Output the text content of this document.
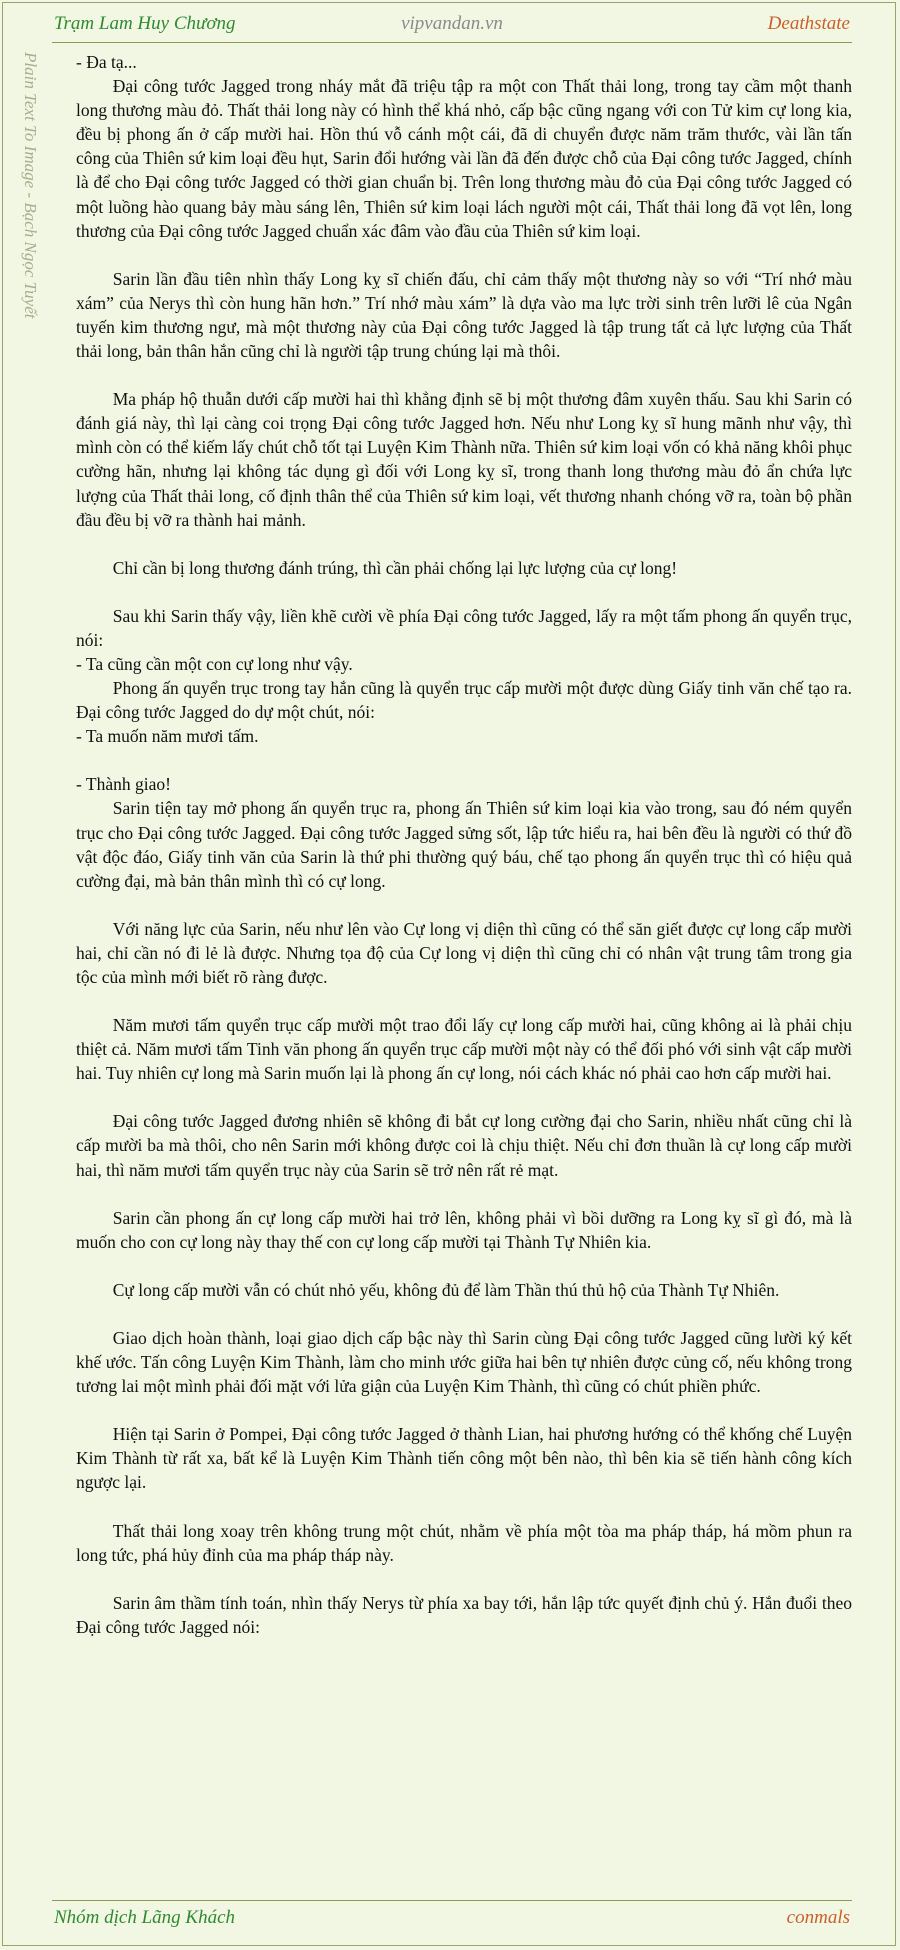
Trạm Lam Huy Chương	vipvandan.vn	Deathstate
Plain Text To Image - Bạch Ngọc Tuyết - Đa tạ...

Đại công tước Jagged trong nháy mắt đã triệu tập ra một con Thất thải long, trong tay cầm một thanh long thương màu đỏ. Thất thải long này có hình thể khá nhỏ, cấp bậc cũng ngang với con Tử kim cự long kia, đều bị phong ấn ở cấp mười hai. Hồn thú vỗ cánh một cái, đã di chuyển được năm trăm thước, vài lần tấn công của Thiên sứ kim loại đều hụt, Sarin đổi hướng vài lần đã đến được chỗ của Đại công tước Jagged, chính là để cho Đại công tước Jagged có thời gian chuẩn bị. Trên long thương màu đỏ của Đại công tước Jagged có một luồng hào quang bảy màu sáng lên, Thiên sứ kim loại lách người một cái, Thất thải long đã vọt lên, long thương của Đại công tước Jagged chuẩn xác đâm vào đầu của Thiên sứ kim loại.

Sarin lần đầu tiên nhìn thấy Long kỵ sĩ chiến đấu, chỉ cảm thấy một thương này so với “Trí nhớ màu xám” của Nerys thì còn hung hãn hơn.” Trí nhớ màu xám” là dựa vào ma lực trời sinh trên lưỡi lê của Ngân tuyến kim thương ngư, mà một thương này của Đại công tước Jagged là tập trung tất cả lực lượng của Thất thải long, bản thân hắn cũng chỉ là người tập trung chúng lại mà thôi.

Ma pháp hộ thuẫn dưới cấp mười hai thì khẳng định sẽ bị một thương đâm xuyên thấu. Sau khi Sarin có đánh giá này, thì lại càng coi trọng Đại công tước Jagged hơn. Nếu như Long kỵ sĩ hung mãnh như vậy, thì mình còn có thể kiếm lấy chút chỗ tốt tại Luyện Kim Thành nữa. Thiên sứ kim loại vốn có khả năng khôi phục cường hãn, nhưng lại không tác dụng gì đối với Long kỵ sĩ, trong thanh long thương màu đỏ ẩn chứa lực lượng của Thất thải long, cố định thân thể của Thiên sứ kim loại, vết thương nhanh chóng vỡ ra, toàn bộ phần đầu đều bị vỡ ra thành hai mảnh.

Chỉ cần bị long thương đánh trúng, thì cần phải chống lại lực lượng của cự long!

Sau khi Sarin thấy vậy, liền khẽ cười về phía Đại công tước Jagged, lấy ra một tấm phong ấn quyển trục, nói:

- Ta cũng cần một con cự long như vậy.

Phong ấn quyển trục trong tay hắn cũng là quyển trục cấp mười một được dùng Giấy tinh văn chế tạo ra. Đại công tước Jagged do dự một chút, nói:

- Ta muốn năm mươi tấm.

- Thành giao!

Sarin tiện tay mở phong ấn quyển trục ra, phong ấn Thiên sứ kim loại kia vào trong, sau đó ném quyển trục cho Đại công tước Jagged. Đại công tước Jagged sửng sốt, lập tức hiểu ra, hai bên đều là người có thứ đồ vật độc đáo, Giấy tinh văn của Sarin là thứ phi thường quý báu, chế tạo phong ấn quyển trục thì có hiệu quả cường đại, mà bản thân mình thì có cự long.

Với năng lực của Sarin, nếu như lên vào Cự long vị diện thì cũng có thể săn giết được cự long cấp mười hai, chỉ cần nó đi lẻ là được. Nhưng tọa độ của Cự long vị diện thì cũng chỉ có nhân vật trung tâm trong gia tộc của mình mới biết rõ ràng được.

Năm mươi tấm quyển trục cấp mười một trao đổi lấy cự long cấp mười hai, cũng không ai là phải chịu thiệt cả. Năm mươi tấm Tinh văn phong ấn quyển trục cấp mười một này có thể đối phó với sinh vật cấp mười hai. Tuy nhiên cự long mà Sarin muốn lại là phong ấn cự long, nói cách khác nó phải cao hơn cấp mười hai.

Đại công tước Jagged đương nhiên sẽ không đi bắt cự long cường đại cho Sarin, nhiều nhất cũng chỉ là cấp mười ba mà thôi, cho nên Sarin mới không được coi là chịu thiệt. Nếu chỉ đơn thuần là cự long cấp mười hai, thì năm mươi tấm quyển trục này của Sarin sẽ trở nên rất rẻ mạt.

Sarin cần phong ấn cự long cấp mười hai trở lên, không phải vì bồi dưỡng ra Long kỵ sĩ gì đó, mà là muốn cho con cự long này thay thế con cự long cấp mười tại Thành Tự Nhiên kia.

Cự long cấp mười vẫn có chút nhỏ yếu, không đủ để làm Thần thú thủ hộ của Thành Tự Nhiên.

Giao dịch hoàn thành, loại giao dịch cấp bậc này thì Sarin cùng Đại công tước Jagged cũng lười ký kết khế ước. Tấn công Luyện Kim Thành, làm cho minh ước giữa hai bên tự nhiên được củng cố, nếu không trong tương lai một mình phải đối mặt với lửa giận của Luyện Kim Thành, thì cũng có chút phiền phức.

Hiện tại Sarin ở Pompei, Đại công tước Jagged ở thành Lian, hai phương hướng có thể khống chế Luyện Kim Thành từ rất xa, bất kể là Luyện Kim Thành tiến công một bên nào, thì bên kia sẽ tiến hành công kích ngược lại.

Thất thải long xoay trên không trung một chút, nhằm về phía một tòa ma pháp tháp, há mồm phun ra long tức, phá hủy đỉnh của ma pháp tháp này.

Sarin âm thầm tính toán, nhìn thấy Nerys từ phía xa bay tới, hắn lập tức quyết định chủ ý. Hắn đuổi theo Đại công tước Jagged nói:

Nhóm dịch Lãng Khách	conmals
